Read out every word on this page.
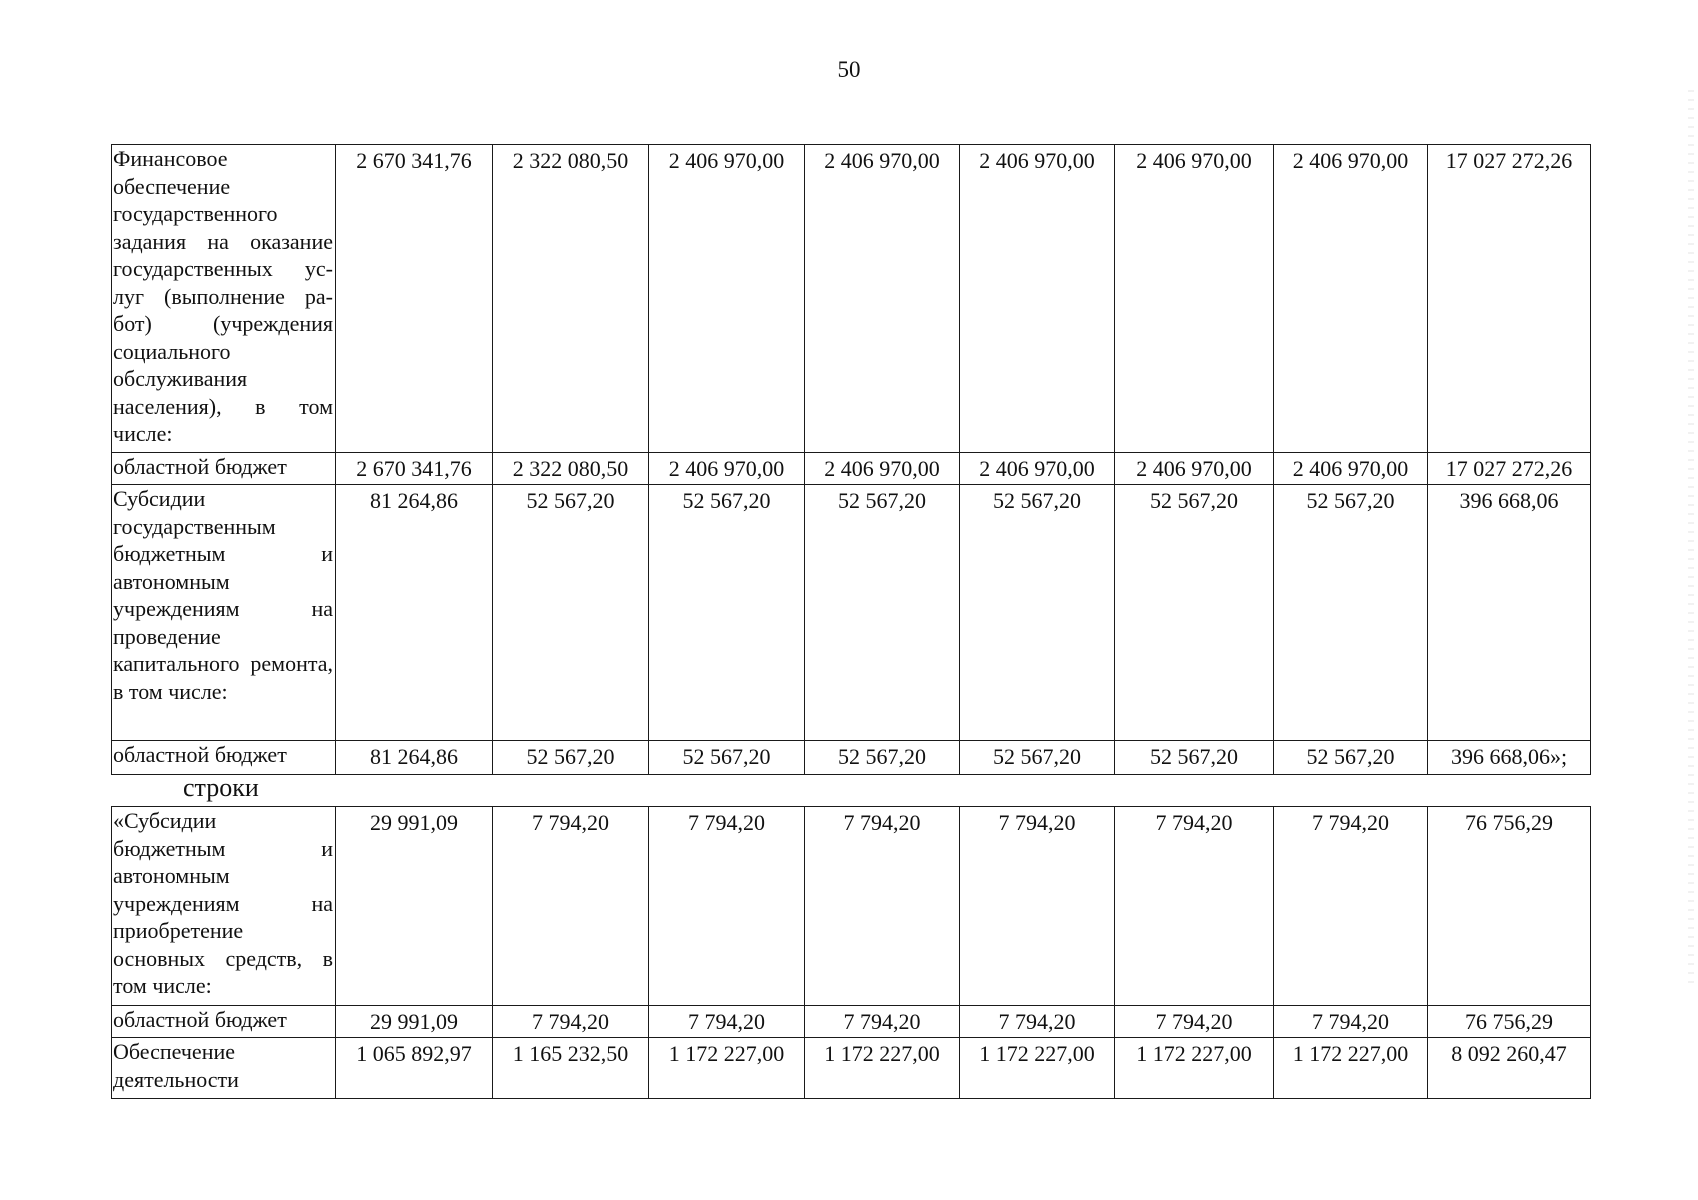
50
Финансовое обеспечение государственного задания на оказание государственных ус-луг (выполнение ра-бот) (учреждения социального обслуживания населения), в том числе:	2 670 341,76	2 322 080,50	2 406 970,00	2 406 970,00	2 406 970,00	2 406 970,00	2 406 970,00	17 027 272,26
областной бюджет	2 670 341,76	2 322 080,50	2 406 970,00	2 406 970,00	2 406 970,00	2 406 970,00	2 406 970,00	17 027 272,26
Субсидии государственным бюджетным и автономным учреждениям на проведение капитального ремонта, в том числе:	81 264,86	52 567,20	52 567,20	52 567,20	52 567,20	52 567,20	52 567,20	396 668,06
областной бюджет	81 264,86	52 567,20	52 567,20	52 567,20	52 567,20	52 567,20	52 567,20	396 668,06»;
строки
«Субсидии бюджетным и автономным учреждениям на приобретение основных средств, в том числе:	29 991,09	7 794,20	7 794,20	7 794,20	7 794,20	7 794,20	7 794,20	76 756,29
областной бюджет	29 991,09	7 794,20	7 794,20	7 794,20	7 794,20	7 794,20	7 794,20	76 756,29
Обеспечение деятельности	1 065 892,97	1 165 232,50	1 172 227,00	1 172 227,00	1 172 227,00	1 172 227,00	1 172 227,00	8 092 260,47
